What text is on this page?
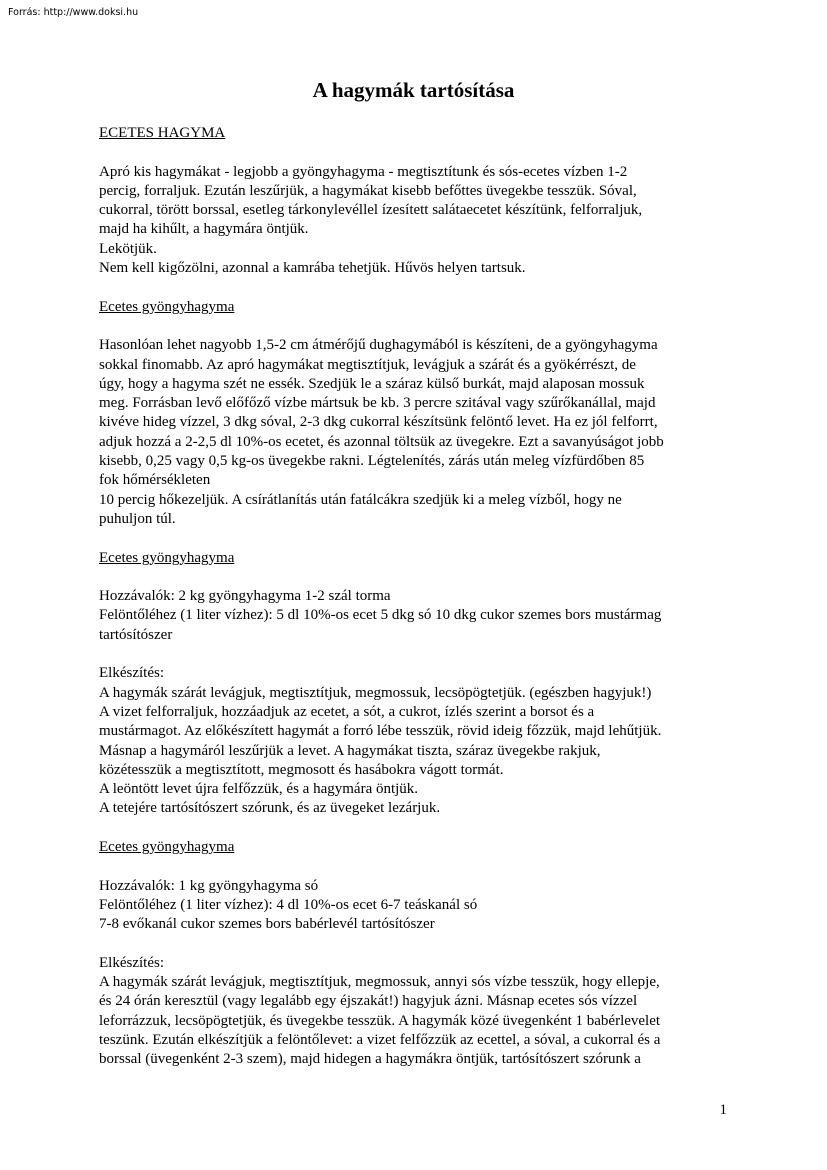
Forrás: http://www.doksi.hu
A hagymák tartósítása
ECETES HAGYMA
Apró kis hagymákat - legjobb a gyöngyhagyma - megtisztítunk és sós-ecetes vízben 1-2
percig, forraljuk. Ezután leszűrjük, a hagymákat kisebb befőttes üvegekbe tesszük. Sóval,
cukorral, törött borssal, esetleg tárkonylevéllel ízesített salátaecetet készítünk, felforraljuk,
majd ha kihűlt, a hagymára öntjük.
Lekötjük.
Nem kell kigőzölni, azonnal a kamrába tehetjük. Hűvös helyen tartsuk.
Ecetes gyöngyhagyma
Hasonlóan lehet nagyobb 1,5-2 cm átmérőjű dughagymából is készíteni, de a gyöngyhagyma
sokkal finomabb. Az apró hagymákat megtisztítjuk, levágjuk a szárát és a gyökérrészt, de
úgy, hogy a hagyma szét ne essék. Szedjük le a száraz külső burkát, majd alaposan mossuk
meg. Forrásban levő előfőző vízbe mártsuk be kb. 3 percre szitával vagy szűrőkanállal, majd
kivéve hideg vízzel, 3 dkg sóval, 2-3 dkg cukorral készítsünk felöntő levet. Ha ez jól felforrt,
adjuk hozzá a 2-2,5 dl 10%-os ecetet, és azonnal töltsük az üvegekre. Ezt a savanyúságot jobb
kisebb, 0,25 vagy 0,5 kg-os üvegekbe rakni. Légtelenítés, zárás után meleg vízfürdőben 85
fok hőmérsékleten
10 percig hőkezeljük. A csírátlanítás után fatálcákra szedjük ki a meleg vízből, hogy ne
puhuljon túl.
Ecetes gyöngyhagyma
Hozzávalók: 2 kg gyöngyhagyma 1-2 szál torma
Felöntőléhez (1 liter vízhez): 5 dl 10%-os ecet 5 dkg só 10 dkg cukor szemes bors mustármag
tartósítószer
Elkészítés:
A hagymák szárát levágjuk, megtisztítjuk, megmossuk, lecsöpögtetjük. (egészben hagyjuk!)
A vizet felforraljuk, hozzáadjuk az ecetet, a sót, a cukrot, ízlés szerint a borsot és a
mustármagot. Az előkészített hagymát a forró lébe tesszük, rövid ideig főzzük, majd lehűtjük.
Másnap a hagymáról leszűrjük a levet. A hagymákat tiszta, száraz üvegekbe rakjuk,
közétesszük a megtisztított, megmosott és hasábokra vágott tormát.
A leöntött levet újra felfőzzük, és a hagymára öntjük.
A tetejére tartósítószert szórunk, és az üvegeket lezárjuk.
Ecetes gyöngyhagyma
Hozzávalók: 1 kg gyöngyhagyma só
Felöntőléhez (1 liter vízhez): 4 dl 10%-os ecet 6-7 teáskanál só
7-8 evőkanál cukor szemes bors babérlevél tartósítószer
Elkészítés:
A hagymák szárát levágjuk, megtisztítjuk, megmossuk, annyi sós vízbe tesszük, hogy ellepje,
és 24 órán keresztül (vagy legalább egy éjszakát!) hagyjuk ázni. Másnap ecetes sós vízzel
leforrázzuk, lecsöpögtetjük, és üvegekbe tesszük. A hagymák közé üvegenként 1 babérlevelet
teszünk. Ezután elkészítjük a felöntőlevet: a vizet felfőzzük az ecettel, a sóval, a cukorral és a
borssal (üvegenként 2-3 szem), majd hidegen a hagymákra öntjük, tartósítószert szórunk a
1
